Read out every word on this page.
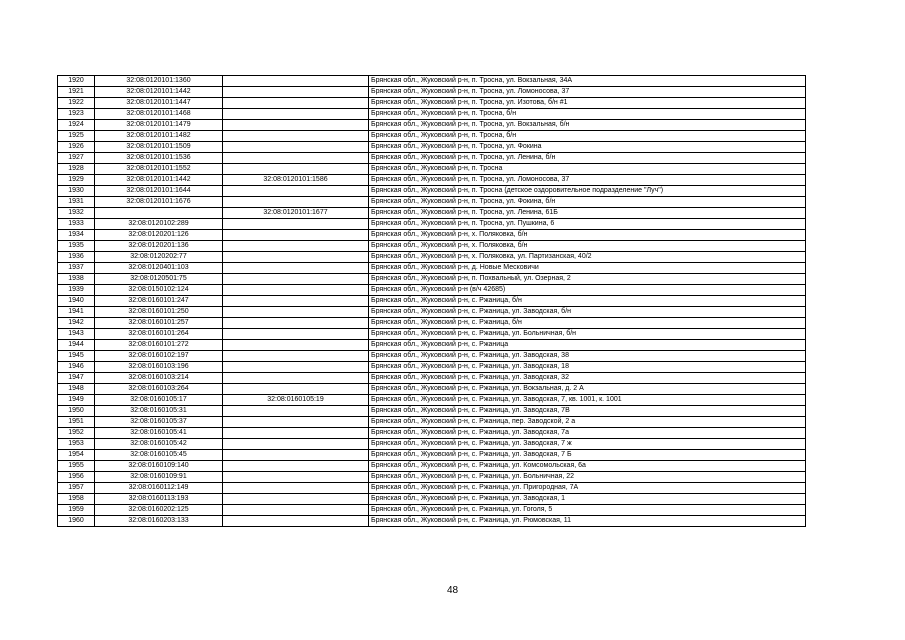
1920	32:08:0120101:1360		Брянская обл., Жуковский р-н, п. Тросна, ул. Вокзальная, 34А
1921	32:08:0120101:1442		Брянская обл., Жуковский р-н, п. Тросна, ул. Ломоносова, 37
1922	32:08:0120101:1447		Брянская обл., Жуковский р-н, п. Тросна, ул. Изотова, б/н #1
1923	32:08:0120101:1468		Брянская обл., Жуковский р-н, п. Тросна, б/н
1924	32:08:0120101:1479		Брянская обл., Жуковский р-н, п. Тросна, ул. Вокзальная, б/н
1925	32:08:0120101:1482		Брянская обл., Жуковский р-н, п. Тросна, б/н
1926	32:08:0120101:1509		Брянская обл., Жуковский р-н, п. Тросна, ул. Фокина
1927	32:08:0120101:1536		Брянская обл., Жуковский р-н, п. Тросна, ул. Ленина, б/н
1928	32:08:0120101:1552		Брянская обл., Жуковский р-н, п. Тросна
1929	32:08:0120101:1442	32:08:0120101:1586	Брянская обл., Жуковский р-н, п. Тросна, ул. Ломоносова, 37
1930	32:08:0120101:1644		Брянская обл., Жуковский р-н, п. Тросна (детское оздоровительное подразделение "Луч")
1931	32:08:0120101:1676		Брянская обл., Жуковский р-н, п. Тросна, ул. Фокина, б/н
1932		32:08:0120101:1677	Брянская обл., Жуковский р-н, п. Тросна, ул. Ленина, 61Б
1933	32:08:0120102:289		Брянская обл., Жуковский р-н, п. Тросна, ул. Пушкина, 6
1934	32:08:0120201:126		Брянская обл., Жуковский р-н, х. Поляковка, б/н
1935	32:08:0120201:136		Брянская обл., Жуковский р-н, х. Поляковка, б/н
1936	32:08:0120202:77		Брянская обл., Жуковский р-н, х. Поляковка, ул. Партизанская, 40/2
1937	32:08:0120401:103		Брянская обл., Жуковский р-н, д. Новые Месковичи
1938	32:08:0120501:75		Брянская обл., Жуковский р-н, п. Похвальный, ул. Озерная, 2
1939	32:08:0150102:124		Брянская обл., Жуковский р-н (в/ч 42685)
1940	32:08:0160101:247		Брянская обл., Жуковский р-н, с. Ржаница, б/н
1941	32:08:0160101:250		Брянская обл., Жуковский р-н, с. Ржаница, ул. Заводская, б/н
1942	32:08:0160101:257		Брянская обл., Жуковский р-н, с. Ржаница, б/н
1943	32:08:0160101:264		Брянская обл., Жуковский р-н, с. Ржаница, ул. Больничная, б/н
1944	32:08:0160101:272		Брянская обл., Жуковский р-н, с. Ржаница
1945	32:08:0160102:197		Брянская обл., Жуковский р-н, с. Ржаница, ул. Заводская, 38
1946	32:08:0160103:196		Брянская обл., Жуковский р-н, с. Ржаница, ул. Заводская, 18
1947	32:08:0160103:214		Брянская обл., Жуковский р-н, с. Ржаница, ул. Заводская, 32
1948	32:08:0160103:264		Брянская обл., Жуковский р-н, с. Ржаница, ул. Вокзальная, д. 2 А
1949	32:08:0160105:17	32:08:0160105:19	Брянская обл., Жуковский р-н, с. Ржаница, ул. Заводская, 7, кв. 1001, к. 1001
1950	32:08:0160105:31		Брянская обл., Жуковский р-н, с. Ржаница, ул. Заводская, 7В
1951	32:08:0160105:37		Брянская обл., Жуковский р-н, с. Ржаница, пер. Заводской, 2 а
1952	32:08:0160105:41		Брянская обл., Жуковский р-н, с. Ржаница, ул. Заводская, 7а
1953	32:08:0160105:42		Брянская обл., Жуковский р-н, с. Ржаница, ул. Заводская, 7 ж
1954	32:08:0160105:45		Брянская обл., Жуковский р-н, с. Ржаница, ул. Заводская, 7 Б
1955	32:08:0160109:140		Брянская обл., Жуковский р-н, с. Ржаница, ул. Комсомольская, 6а
1956	32:08:0160109:91		Брянская обл., Жуковский р-н, с. Ржаница, ул. Больничная, 22
1957	32:08:0160112:149		Брянская обл., Жуковский р-н, с. Ржаница, ул. Пригородная, 7А
1958	32:08:0160113:193		Брянская обл., Жуковский р-н, с. Ржаница, ул. Заводская, 1
1959	32:08:0160202:125		Брянская обл., Жуковский р-н, с. Ржаница, ул. Гоголя, 5
1960	32:08:0160203:133		Брянская обл., Жуковский р-н, с. Ржаница, ул. Рюмовская, 11
48
